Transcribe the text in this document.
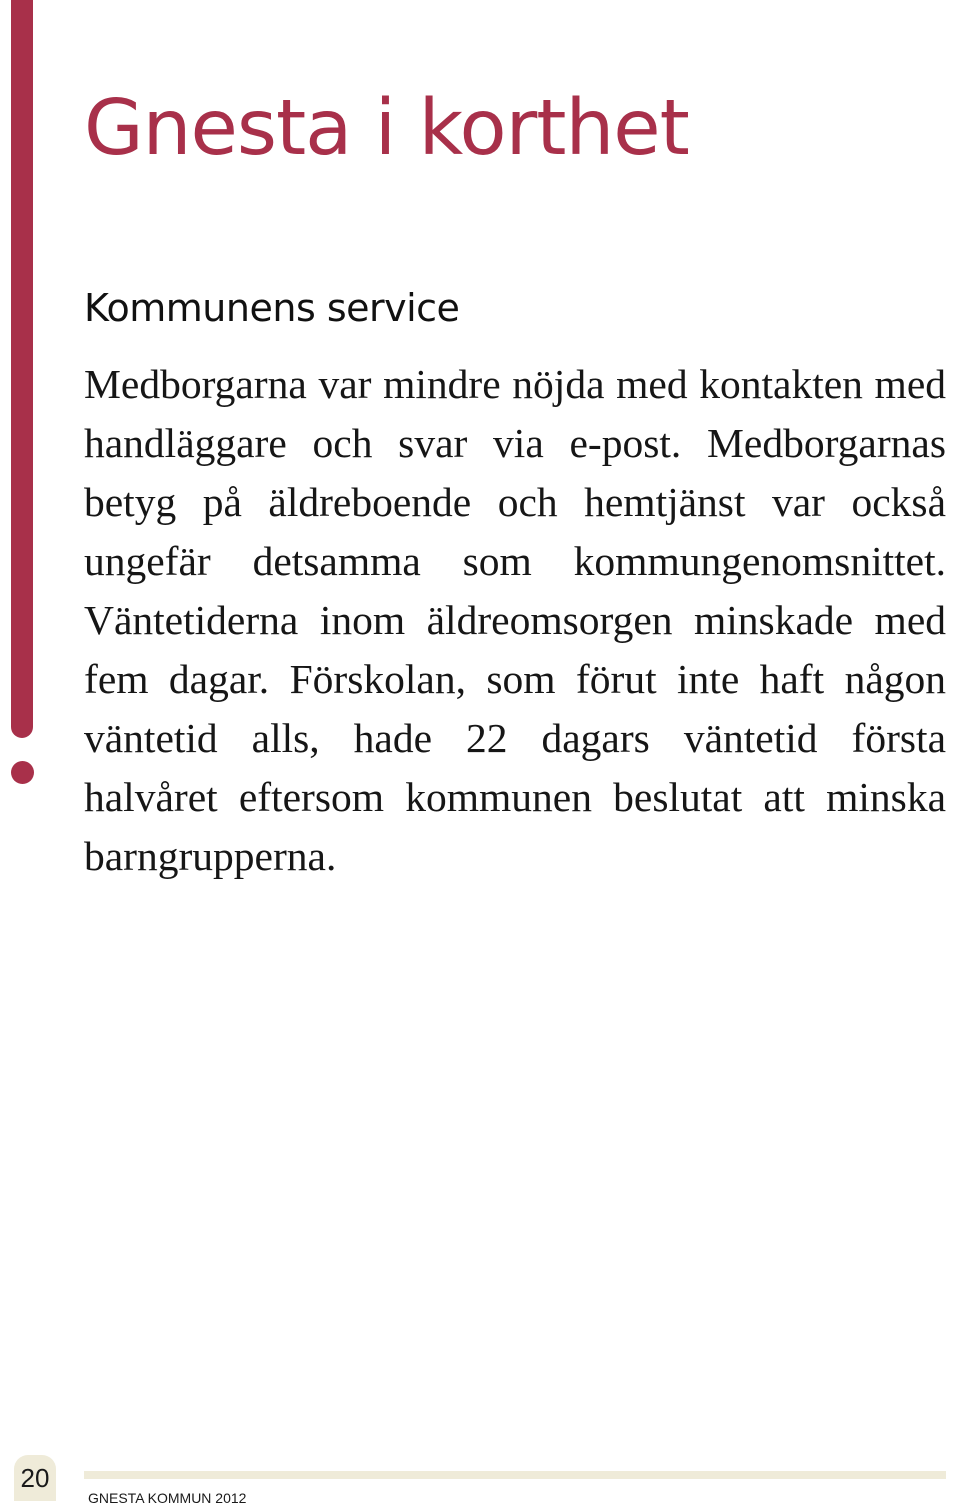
Gnesta i korthet
Kommunens service

Medborgarna var mindre nöjda med kontakten med handläggare och svar via e-post. Medborgarnas betyg på äldreboende och hemtjänst var också ungefär detsamma som kommungenomsnittet. Väntetiderna inom äldreomsorgen minskade med fem dagar. Förskolan, som förut inte haft någon väntetid alls, hade 22 dagars väntetid första halvåret eftersom kommunen beslutat att minska barngrupperna.

20

GNESTA KOMMUN 2012
